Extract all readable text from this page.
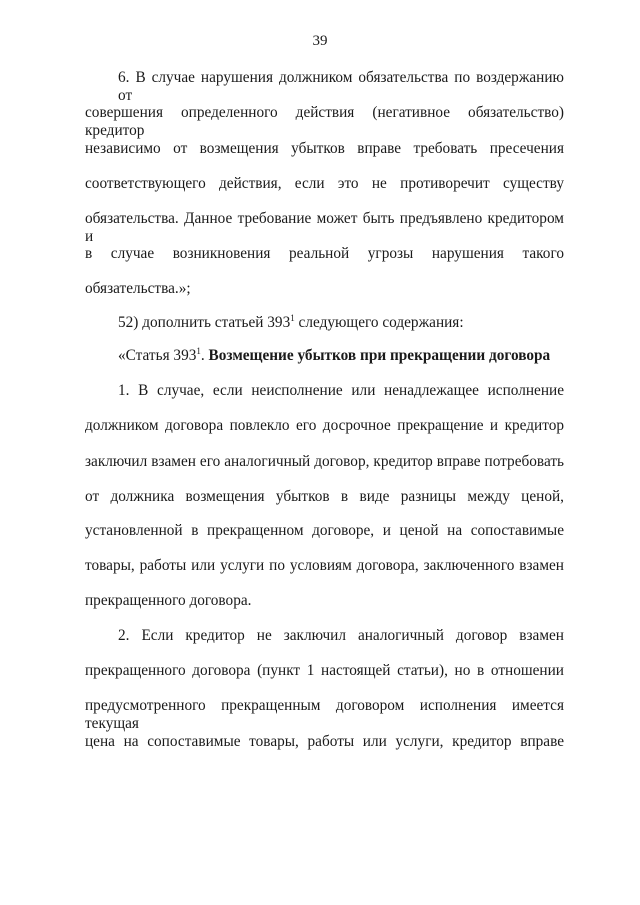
39
6. В случае нарушения должником обязательства по воздержанию от
совершения определенного действия (негативное обязательство) кредитор
независимо от возмещения убытков вправе требовать пресечения
соответствующего действия, если это не противоречит существу
обязательства. Данное требование может быть предъявлено кредитором и
в случае возникновения реальной угрозы нарушения такого
обязательства.»;
52) дополнить статьей $393^1$ следующего содержания:
«Статья $393^1$. Возмещение убытков при прекращении договора
1. В случае, если неисполнение или ненадлежащее исполнение
должником договора повлекло его досрочное прекращение и кредитор
заключил взамен его аналогичный договор, кредитор вправе потребовать
от должника возмещения убытков в виде разницы между ценой,
установленной в прекращенном договоре, и ценой на сопоставимые
товары, работы или услуги по условиям договора, заключенного взамен
прекращенного договора.
2. Если кредитор не заключил аналогичный договор взамен
прекращенного договора (пункт 1 настоящей статьи), но в отношении
предусмотренного прекращенным договором исполнения имеется текущая
цена на сопоставимые товары, работы или услуги, кредитор вправе
